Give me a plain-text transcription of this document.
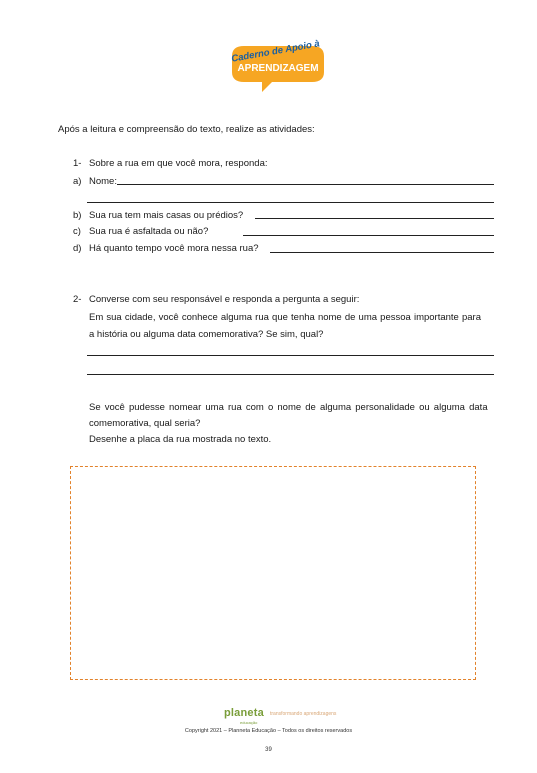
Caderno de Apoio à
APRENDIZAGEM
Após a leitura e compreensão do texto, realize as atividades:
1- Sobre a rua em que você mora, responda:
a) Nome:
b) Sua rua tem mais casas ou prédios?
c) Sua rua é asfaltada ou não?
d) Há quanto tempo você mora nessa rua?
2- Converse com seu responsável e responda a pergunta a seguir:
Em sua cidade, você conhece alguma rua que tenha nome de uma pessoa importante para
a história ou alguma data comemorativa? Se sim, qual?
Se você pudesse nomear uma rua com o nome de alguma personalidade ou alguma data
comemorativa, qual seria?
Desenhe a placa da rua mostrada no texto.
planeta
educação
transformando aprendizagens
Copyright 2021 – Planneta Educação – Todos os direitos reservados
39
